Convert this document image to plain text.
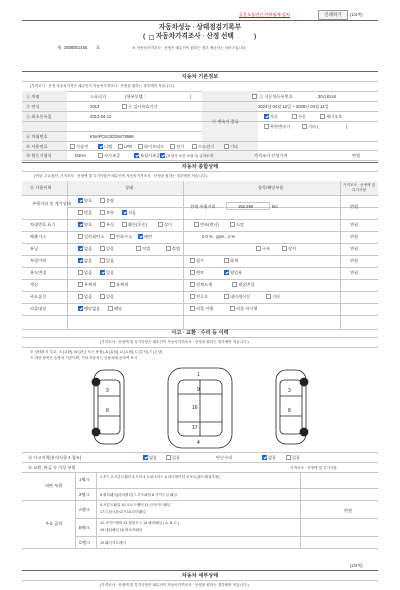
공문도움연인 안보팁에 설치	인쇄하기	(1/4쪽)
자동차성능 · 상태점검기록부
( 자동차가격조사 · 산정 선택	)
제 2508601455 호	※ 자동차가격조사 · 산정은 매수인이 원하는 경우 제공하는 서비스입니다.
자동차 기본정보
(가격조사 · 산정 자동차가격은 매수인이 자동차가격조사 · 산정을 원하는 경우에만 적습니다.)
① 차명	스포티지	(세부모델 :	)	② 자동차등록번호	30다8144
③ 연식	2013	④ 검사유효기간	2024년 04월 12일 ~ 2026년 04월 11일
⑤ 최초등록일	2013-04-12
⑦ 변속기 종류
자동	수동	세미오토
무단변속기	기타 (	)
⑥ 차대번호	KNAPC813DD6479586
⑧ 사용연료	가솔린	디젤	LPG	하이브리드	전기	수소전기	기타
⑩ 원동기형식	D4HA	자가보증	보험사보증 (보험사 보증 보험사) 업자소개	가격조사 산정가격	만원
자동차 종합상태
(색상, 주요옵션, 가격조사 · 산정액 및 특기사항은 매수인이 자동차가격조사 · 산정을 원하는 경우에만 적습니다.)
⑪ 사용이력	상태	항목/해당부품	가격조사 · 산정액 및 특기사항
주행거리 및 계기상태
양호	불량
많음	보통	적음
현재 주행거리	152,290	km	만원
차대번호 표기	양호	부식	훼손(오손)	상이	변조(변타)	도말	만원
배출가스	일산화탄소	탄화수소	매연	0.0 % , ppm , 1 %	만원
튜닝	없음	있음	적법	불법	구조	장치	만원
특별이력	없음	있음	침수	화재	만원
용도변경	없음	있음	렌트	영업용	만원
색상	무채색	유채색	전체도색	색상변경
주요옵션	없음	있음	썬루프	네비게이션	기타
리콜대상	해당없음	해당	리콜 이행	리콜 미이행
사고 · 교환 · 수리 등 이력
(가격조사 · 산정액 및 특기사항은 매수인이 자동차가격조사 · 산정을 원하는 경우에만 적습니다.)
※ 상태표시 부호 : X (교환), W (판금 또는 용접), A (흠집), U (요철), C (부식), T (손상)
※ 하단 항목은 승용차 기준이며, 기타 자동차는 승용차에 준하여 표시
1
9
16
17
4
3
8
3
8
⑬ 사고이력(유의사항 4 참조)	없음	있음	단순수리	없음	있음
⑭ 교환, 판금 등 이상 부위	가격조사 · 산정액 및 특기사항
외판 부위
주요 골격
1랭크	1.후드 2.프론트펜더 3.도어 4.트렁크리드 5.라디에이터 서포트(볼트체결부품)
2랭크	6.쿼터패널(리어펜더) 7.루프패널 8.사이드실 패널
A랭크
9.프론트패널 10.크로스멤버 11.인사이드패널
17.트렁크플로어 18.리어패널
B랭크
12.사이드멤버 13.휠하우스 14.필러패널 ( A, B, C )
15.대쉬패널 16.플로어패널
C랭크	19.패키지트레이
만원
(2/4쪽)
자동차 세부상태
(가격조사 · 산정액 및 특기사항은 매수인이 자동차가격조사 · 산정을 원하는 경우에만 적습니다.)
